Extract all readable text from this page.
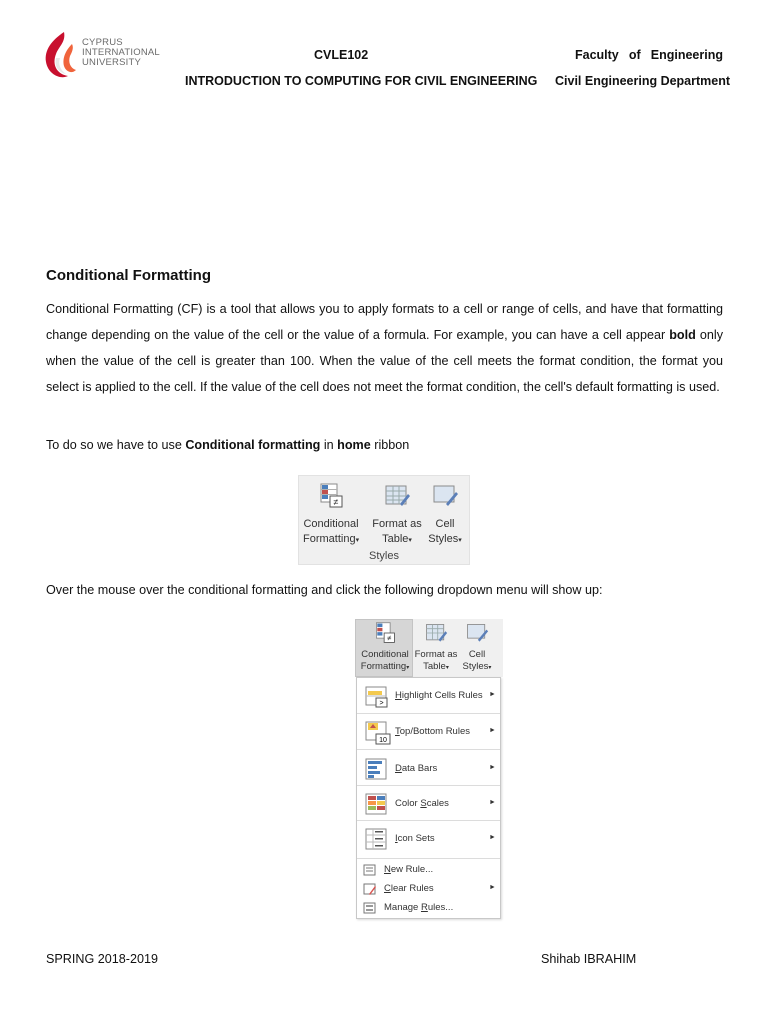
CYPRUS
INTERNATIONAL
UNIVERSITY
CVLE102
INTRODUCTION TO COMPUTING FOR CIVIL ENGINEERING
Faculty of Engineering
Civil Engineering Department
Conditional Formatting
Conditional Formatting (CF) is a tool that allows you to apply formats to a cell or range of cells, and have that formatting change depending on the value of the cell or the value of a formula. For example, you can have a cell appear bold only when the value of the cell is greater than 100. When the value of the cell meets the format condition, the format you select is applied to the cell. If the value of the cell does not meet the format condition, the cell's default formatting is used.
To do so we have to use Conditional formatting in home ribbon
≠
Conditional
Formatting▾
Format as
Table▾
Cell
Styles▾
Styles
Over the mouse over the conditional formatting and click the following dropdown menu will show up:
≠
Conditional
Formatting▾
Format as
Table▾
Cell
Styles▾
>
Highlight Cells Rules ►
10
Top/Bottom Rules	►
Data Bars	►
Color Scales	►
Icon Sets	►
New Rule...
Clear Rules	►
Manage Rules...
SPRING 2018-2019	Shihab IBRAHIM
